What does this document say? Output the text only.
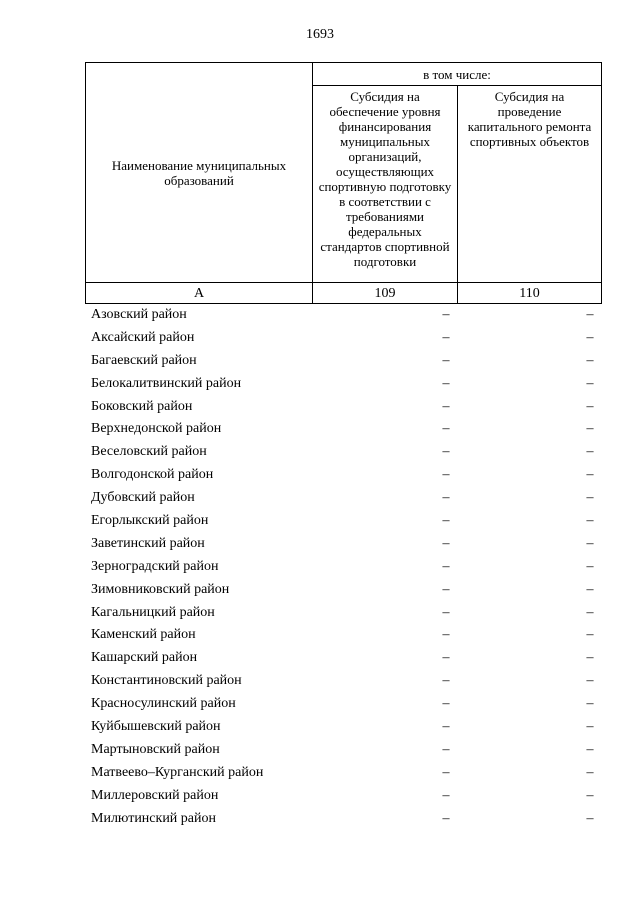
1693
Наименование муниципальных образований	в том числе:	
	Субсидия на обеспечение уровня финансирования муниципальных организаций, осуществляющих спортивную подготовку в соответствии с требованиями федеральных стандартов спортивной подготовки	Субсидия на проведение капитального ремонта спортивных объектов
А	109	110
Азовский район	–	–
Аксайский район	–	–
Багаевский район	–	–
Белокалитвинский район	–	–
Боковский район	–	–
Верхнедонской район	–	–
Веселовский район	–	–
Волгодонской район	–	–
Дубовский район	–	–
Егорлыкский район	–	–
Заветинский район	–	–
Зерноградский район	–	–
Зимовниковский район	–	–
Кагальницкий район	–	–
Каменский район	–	–
Кашарский район	–	–
Константиновский район	–	–
Красносулинский район	–	–
Куйбышевский район	–	–
Мартыновский район	–	–
Матвеево–Курганский район	–	–
Миллеровский район	–	–
Милютинский район	–	–
